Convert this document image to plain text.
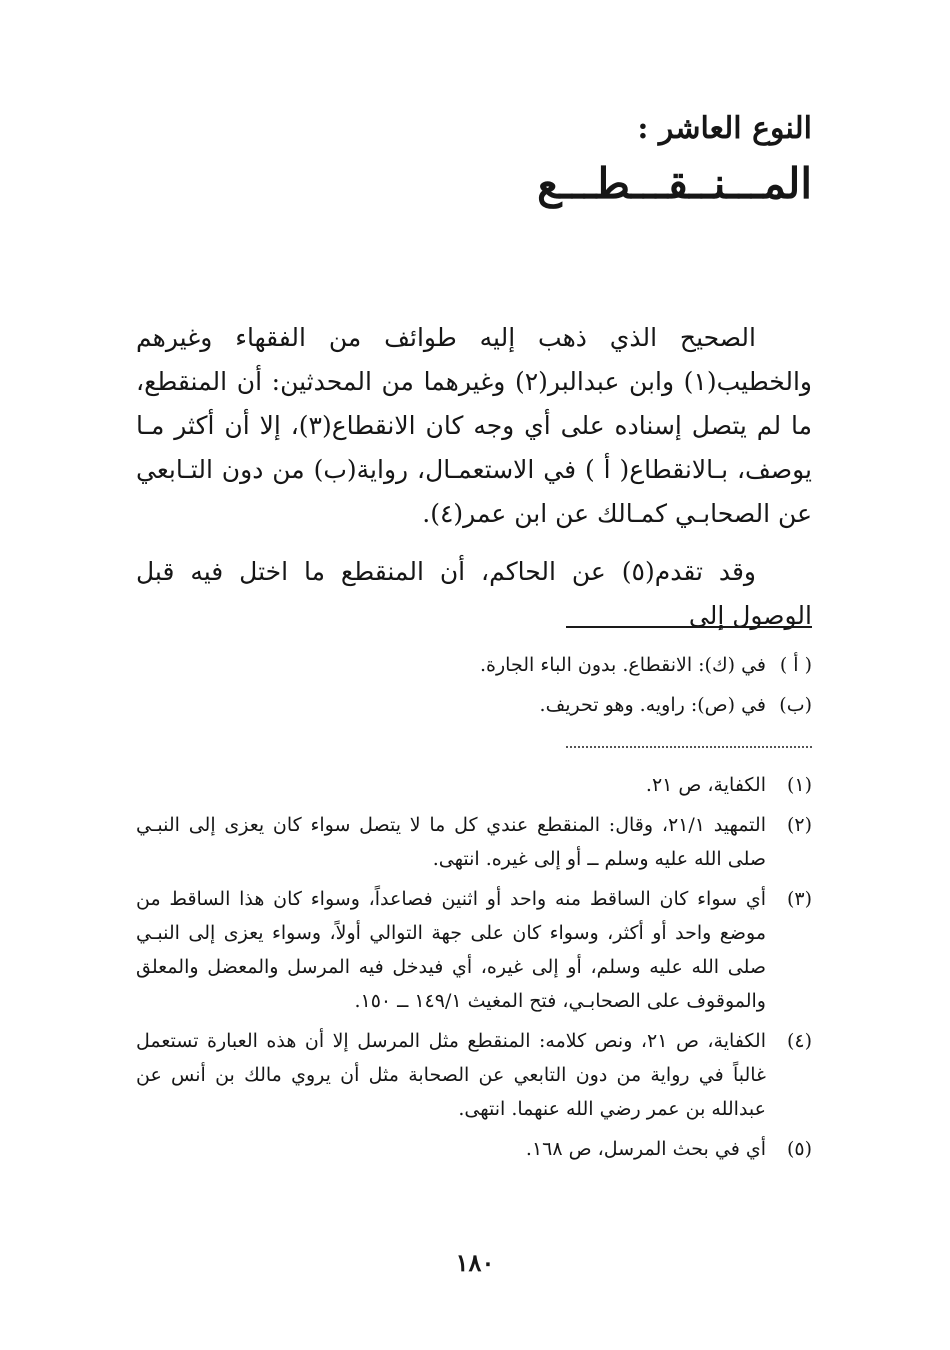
النوع العاشر :
المـــنــقـــطـــع

الصحيح الذي ذهب إليه طوائف من الفقهاء وغيرهم والخطيب(١) وابن عبدالبر(٢) وغيرهما من المحدثين: أن المنقطع، ما لم يتصل إسناده على أي وجه كان الانقطاع(٣)، إلا أن أكثر مـا يوصف، بـالانقطاع( أ ) في الاستعمـال، رواية(ب) من دون التـابعي عن الصحابـي كمـالك عن ابن عمر(٤).

وقد تقدم(٥) عن الحاكم، أن المنقطع ما اختل فيه قبل الوصول إلى

( أ )
في (ك): الانقطاع. بدون الباء الجارة.
(ب)
في (ص): راويه. وهو تحريف.
(١)
الكفاية، ص ٢١.
(٢)
التمهيد ٢١/١، وقال: المنقطع عندي كل ما لا يتصل سواء كان يعزى إلى النبـي صلى الله عليه وسلم ــ أو إلى غيره. انتهى.
(٣)
أي سواء كان الساقط منه واحد أو اثنين فصاعداً، وسواء كان هذا الساقط من موضع واحد أو أكثر، وسواء كان على جهة التوالي أولاً، وسواء يعزى إلى النبـي صلى الله عليه وسلم، أو إلى غيره، أي فيدخل فيه المرسل والمعضل والمعلق والموقوف على الصحابـي، فتح المغيث ١٤٩/١ ــ ١٥٠.
(٤)
الكفاية، ص ٢١، ونص كلامه: المنقطع مثل المرسل إلا أن هذه العبارة تستعمل غالباً في رواية من دون التابعي عن الصحابة مثل أن يروي مالك بن أنس عن عبدالله بن عمر رضي الله عنهما. انتهى.
(٥)
أي في بحث المرسل، ص ١٦٨.
١٨٠
